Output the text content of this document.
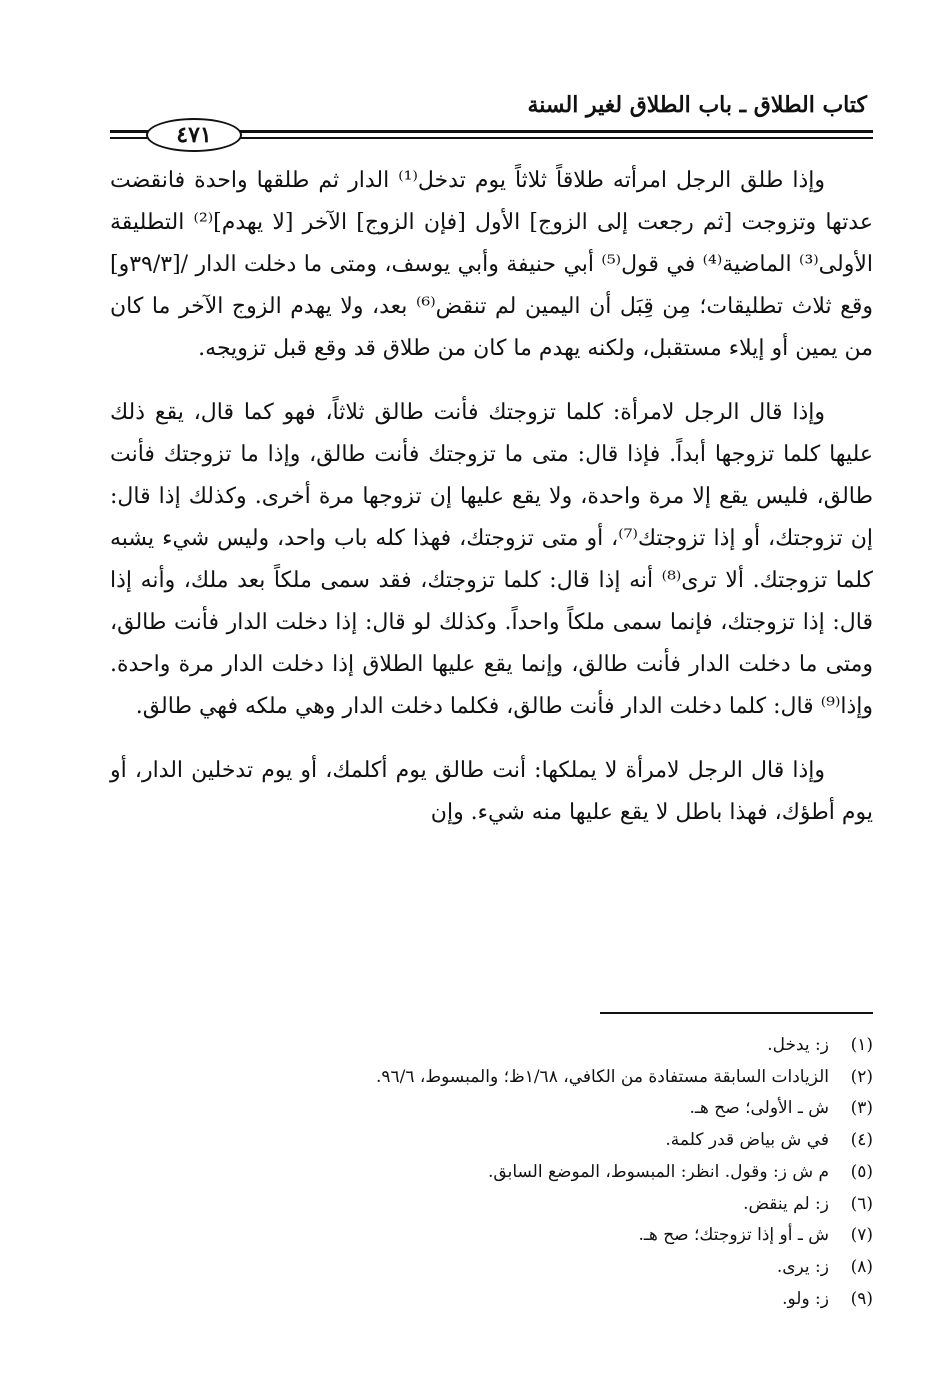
كتاب الطلاق ـ باب الطلاق لغير السنة
٤٧١

وإذا طلق الرجل امرأته طلاقاً ثلاثاً يوم تدخل⁽¹⁾ الدار ثم طلقها واحدة فانقضت عدتها وتزوجت [ثم رجعت إلى الزوج] الأول [فإن الزوج] الآخر [لا يهدم]⁽²⁾ التطليقة الأولى⁽³⁾ الماضية⁽⁴⁾ في قول⁽⁵⁾ أبي حنيفة وأبي يوسف، ومتى ما دخلت الدار /[٣٩/٣و] وقع ثلاث تطليقات؛ مِن قِبَل أن اليمين لم تنقض⁽⁶⁾ بعد، ولا يهدم الزوج الآخر ما كان من يمين أو إيلاء مستقبل، ولكنه يهدم ما كان من طلاق قد وقع قبل تزويجه.

وإذا قال الرجل لامرأة: كلما تزوجتك فأنت طالق ثلاثاً، فهو كما قال، يقع ذلك عليها كلما تزوجها أبداً. فإذا قال: متى ما تزوجتك فأنت طالق، وإذا ما تزوجتك فأنت طالق، فليس يقع إلا مرة واحدة، ولا يقع عليها إن تزوجها مرة أخرى. وكذلك إذا قال: إن تزوجتك، أو إذا تزوجتك⁽⁷⁾، أو متى تزوجتك، فهذا كله باب واحد، وليس شيء يشبه كلما تزوجتك. ألا ترى⁽⁸⁾ أنه إذا قال: كلما تزوجتك، فقد سمى ملكاً بعد ملك، وأنه إذا قال: إذا تزوجتك، فإنما سمى ملكاً واحداً. وكذلك لو قال: إذا دخلت الدار فأنت طالق، ومتى ما دخلت الدار فأنت طالق، وإنما يقع عليها الطلاق إذا دخلت الدار مرة واحدة. وإذا⁽⁹⁾ قال: كلما دخلت الدار فأنت طالق، فكلما دخلت الدار وهي ملكه فهي طالق.

وإذا قال الرجل لامرأة لا يملكها: أنت طالق يوم أكلمك، أو يوم تدخلين الدار، أو يوم أطؤك، فهذا باطل لا يقع عليها منه شيء. وإن

(١)
ز: يدخل.
(٢)
الزيادات السابقة مستفادة من الكافي، ١/٦٨ظ؛ والمبسوط، ٩٦/٦.
(٣)
ش ـ الأولى؛ صح هـ.
(٤)
في ش بياض قدر كلمة.
(٥)
م ش ز: وقول. انظر: المبسوط، الموضع السابق.
(٦)
ز: لم ينقض.
(٧)
ش ـ أو إذا تزوجتك؛ صح هـ.
(٨)
ز: يرى.
(٩)
ز: ولو.
